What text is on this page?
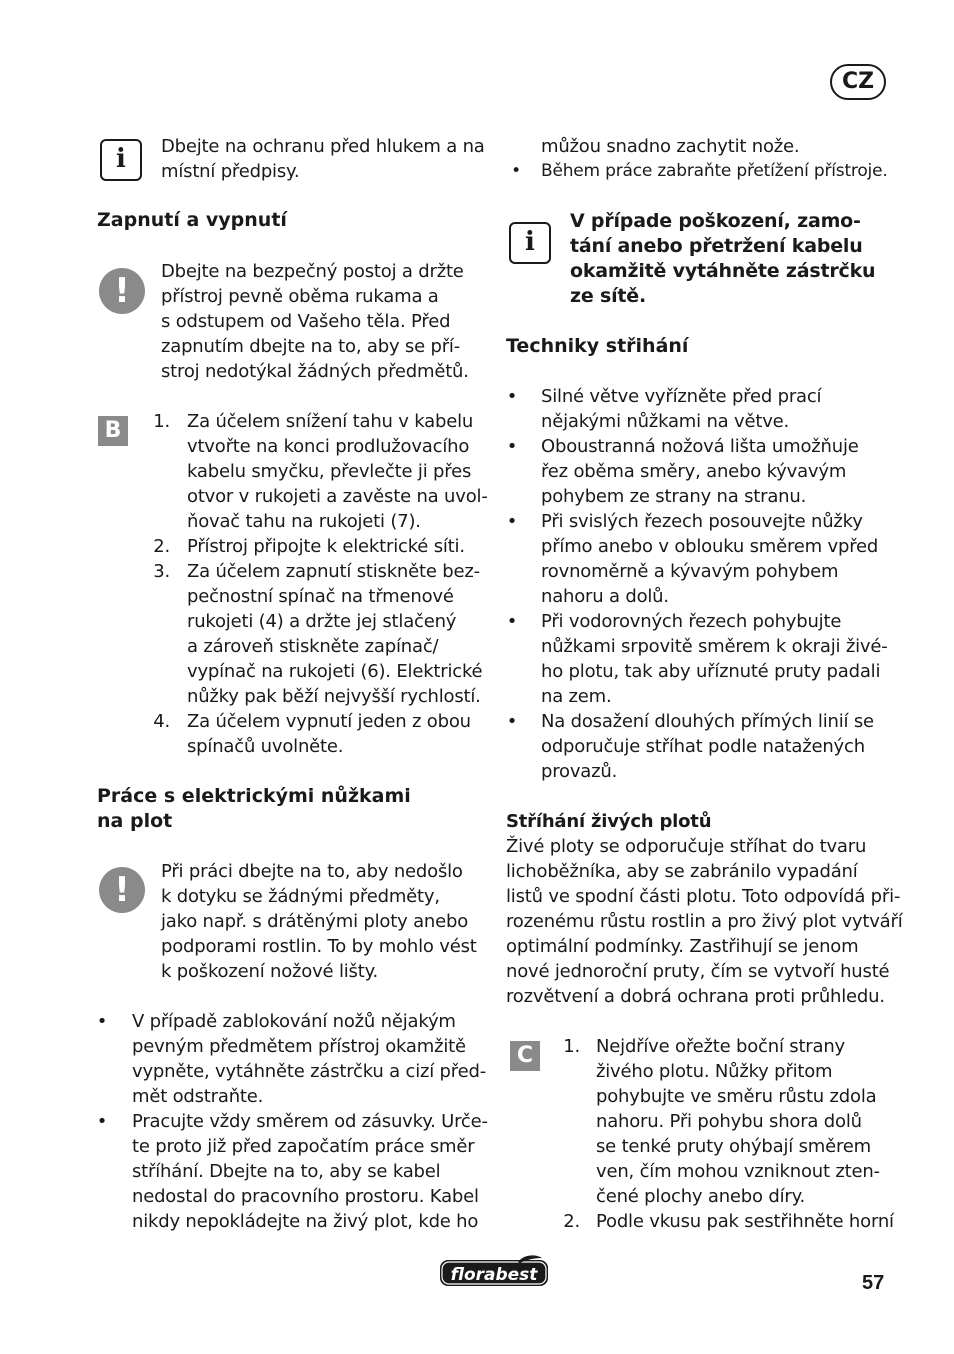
CZ
i	Dbejte na ochranu před hlukem a na
místní předpisy.
Zapnutí a vypnutí
!	Dbejte na bezpečný postoj a držte
přístroj pevně oběma rukama a
s odstupem od Vašeho těla. Před
zapnutím dbejte na to, aby se pří-
stroj nedotýkal žádných předmětů.
B	1. Za účelem snížení tahu v kabelu
vtvořte na konci prodlužovacího
kabelu smyčku, převlečte ji přes
otvor v rukojeti a zavěste na uvol-
ňovač tahu na rukojeti (7).
2. Přístroj připojte k elektrické síti.
3. Za účelem zapnutí stiskněte bez-
pečnostní spínač na třmenové
rukojeti (4) a držte jej stlačený
a zároveň stiskněte zapínač/
vypínač na rukojeti (6). Elektrické
nůžky pak běží nejvyšší rychlostí.
4. Za účelem vypnutí jeden z obou
spínačů uvolněte.
Práce s elektrickými nůžkami
na plot
!	Při práci dbejte na to, aby nedošlo
k dotyku se žádnými předměty,
jako např. s drátěnými ploty anebo
podporami rostlin. To by mohlo vést
k poškození nožové lišty.
• V případě zablokování nožů nějakým
pevným předmětem přístroj okamžitě
vypněte, vytáhněte zástrčku a cizí před-
mět odstraňte.
• Pracujte vždy směrem od zásuvky. Urče-
te proto již před započatím práce směr
stříhání. Dbejte na to, aby se kabel
nedostal do pracovního prostoru. Kabel
nikdy nepokládejte na živý plot, kde ho
můžou snadno zachytit nože.
• Během práce zabraňte přetížení přístroje.
i
V případe poškození, zamo-
tání anebo přetržení kabelu
okamžitě vytáhněte zástrčku
ze sítě.
Techniky střihání
• Silné větve vyřízněte před prací
nějakými nůžkami na větve.
• Oboustranná nožová lišta umožňuje
řez oběma směry, anebo kývavým
pohybem ze strany na stranu.
• Při svislých řezech posouvejte nůžky
přímo anebo v oblouku směrem vpřed
rovnoměrně a kývavým pohybem
nahoru a dolů.
• Při vodorovných řezech pohybujte
nůžkami srpovitě směrem k okraji živé-
ho plotu, tak aby uříznuté pruty padali
na zem.
• Na dosažení dlouhých přímých linií se
odporučuje stříhat podle natažených
provazů.
Stříhání živých plotů
Živé ploty se odporučuje stříhat do tvaru
lichoběžníka, aby se zabránilo vypadání
listů ve spodní části plotu. Toto odpovídá při-
rozenému růstu rostlin a pro živý plot vytváří
optimální podmínky. Zastřihují se jenom
nové jednoroční pruty, čím se vytvoří husté
rozvětvení a dobrá ochrana proti průhledu.
C	1. Nejdříve ořežte boční strany
živého plotu. Nůžky přitom
pohybujte ve směru růstu zdola
nahoru. Při pohybu shora dolů
se tenké pruty ohýbají směrem
ven, čím mohou vzniknout zten-
čené plochy anebo díry.
2. Podle vkusu pak sestřihněte horní
florabest	57
